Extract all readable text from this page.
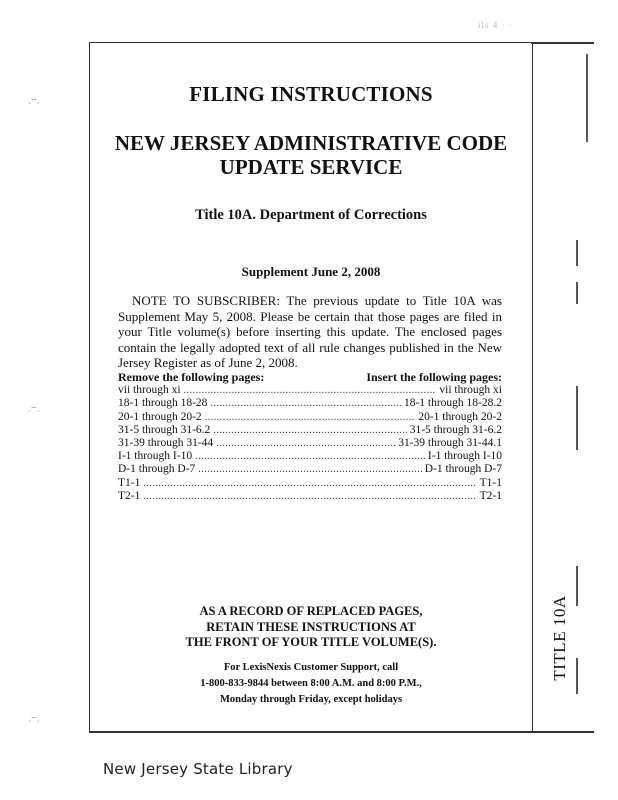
ils 4 · ·
ˎ⌣ˏ
ˎ⌣ˏ
ˎ⌣ˏ
FILING INSTRUCTIONS
NEW JERSEY ADMINISTRATIVE CODE
UPDATE SERVICE
Title 10A. Department of Corrections
Supplement June 2, 2008
NOTE TO SUBSCRIBER: The previous update to Title 10A was Supplement May 5, 2008. Please be certain that those pages are filed in your Title volume(s) before inserting this update. The enclosed pages contain the legally adopted text of all rule changes published in the New Jersey Register as of June 2, 2008.
Remove the following pages:	Insert the following pages:
vii through xi .....	vii through xi
18-1 through 18-28 .....	18-1 through 18-28.2
20-1 through 20-2 .....	20-1 through 20-2
31-5 through 31-6.2 .....	31-5 through 31-6.2
31-39 through 31-44 .....	31-39 through 31-44.1
I-1 through I-10 .....	I-1 through I-10
D-1 through D-7 .....	D-1 through D-7
T1-1 .....	T1-1
T2-1 .....	T2-1
AS A RECORD OF REPLACED PAGES,
RETAIN THESE INSTRUCTIONS AT
THE FRONT OF YOUR TITLE VOLUME(S).
For LexisNexis Customer Support, call
1-800-833-9844 between 8:00 A.M. and 8:00 P.M.,
Monday through Friday, except holidays
TITLE 10A
New Jersey State Library
